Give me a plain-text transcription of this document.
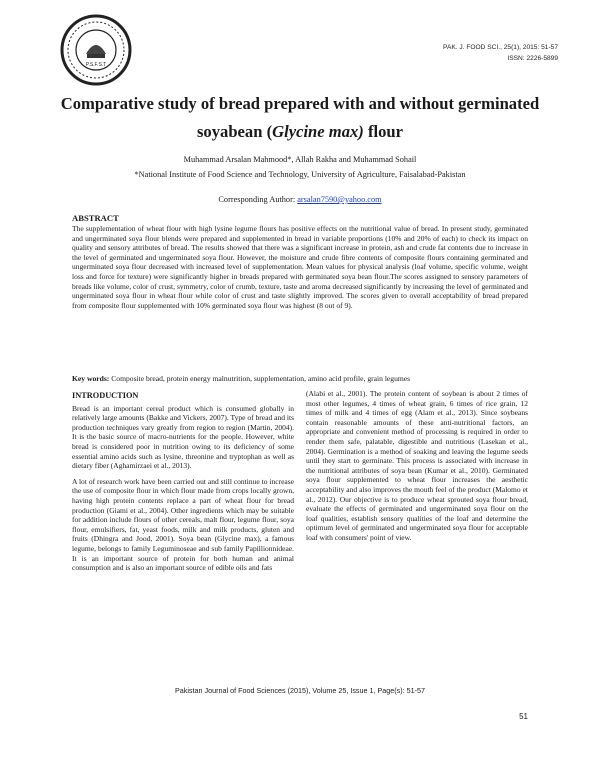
P.S.F.S.T
PAK. J. FOOD SCI., 25(1), 2015: 51-57
ISSN: 2226-5899
Comparative study of bread prepared with and without germinated
soyabean (Glycine max) flour
Muhammad Arsalan Mahmood*, Allah Rakha and Muhammad Sohail
*National Institute of Food Science and Technology, University of Agriculture, Faisalabad-Pakistan
Corresponding Author: arsalan7590@yahoo.com
ABSTRACT

The supplementation of wheat flour with high lysine legume flours has positive effects on the nutritional value of bread. In present study, germinated and ungerminated soya flour blends were prepared and supplemented in bread in variable proportions (10% and 20% of each) to check its impact on quality and sensory attributes of bread. The results showed that there was a significant increase in protein, ash and crude fat contents due to increase in the level of germinated and ungerminated soya flour. However, the moisture and crude fibre contents of composite flours containing germinated and ungerminated soya flour decreased with increased level of supplementation. Mean values for physical analysis (loaf volume, specific volume, weight loss and force for texture) were significantly higher in breads prepared with germinated soya bean flour.The scores assigned to sensory parameters of breads like volume, color of crust, symmetry, color of crumb, texture, taste and aroma decreased significantly by increasing the level of germinated and ungerminated soya flour in wheat flour while color of crust and taste slightly improved. The scores given to overall acceptability of bread prepared from composite flour supplemented with 10% germinated soya flour was highest (8 out of 9).

Key words: Composite bread, protein energy malnutrition, supplementation, amino acid profile, grain legumes
INTRODUCTION

Bread is an important cereal product which is consumed globally in relatively large amounts (Bakke and Vickers, 2007). Type of bread and its production techniques vary greatly from region to region (Martin, 2004). It is the basic source of macro-nutrients for the people. However, white bread is considered poor in nutrition owing to its deficiency of some essential amino acids such as lysine, threonine and tryptophan as well as dietary fiber (Aghamirzaei et al., 2013).

A lot of research work have been carried out and still continue to increase the use of composite flour in which flour made from crops locally grown, having high protein contents replace a part of wheat flour for bread production (Giami et al., 2004). Other ingredients which may be suitable for addition include flours of other cereals, malt flour, legume flour, soya flour, emulsifiers, fat, yeast foods, milk and milk products, gluten and fruits (Dhingra and Jood, 2001). Soya bean (Glycine max), a famous legume, belongs to family Leguminoseae and sub family Papillionnideae. It is an important source of protein for both human and animal consumption and is also an important source of edible oils and fats

(Alabi et al., 2001). The protein content of soybean is about 2 times of most other legumes, 4 times of wheat grain, 6 times of rice grain, 12 times of milk and 4 times of egg (Alam et al., 2013). Since soybeans contain reasonable amounts of these anti-nutritional factors, an appropriate and convenient method of processing is required in order to render them safe, palatable, digestible and nutritious (Lasekan et al., 2004). Germination is a method of soaking and leaving the legume seeds until they start to germinate. This process is associated with increase in the nutritional attributes of soya bean (Kumar et al., 2010). Germinated soya flour supplemented to wheat flour increases the aesthetic acceptability and also improves the mouth feel of the product (Malomo et al., 2012). Our objective is to produce wheat sprouted soya flour bread, evaluate the effects of germinated and ungerminated soya flour on the loaf qualities, establish sensory qualities of the loaf and determine the optimum level of germinated and ungerminated soya flour for acceptable loaf with consumers' point of view.

Pakistan Journal of Food Sciences (2015), Volume 25, Issue 1, Page(s): 51-57
51
